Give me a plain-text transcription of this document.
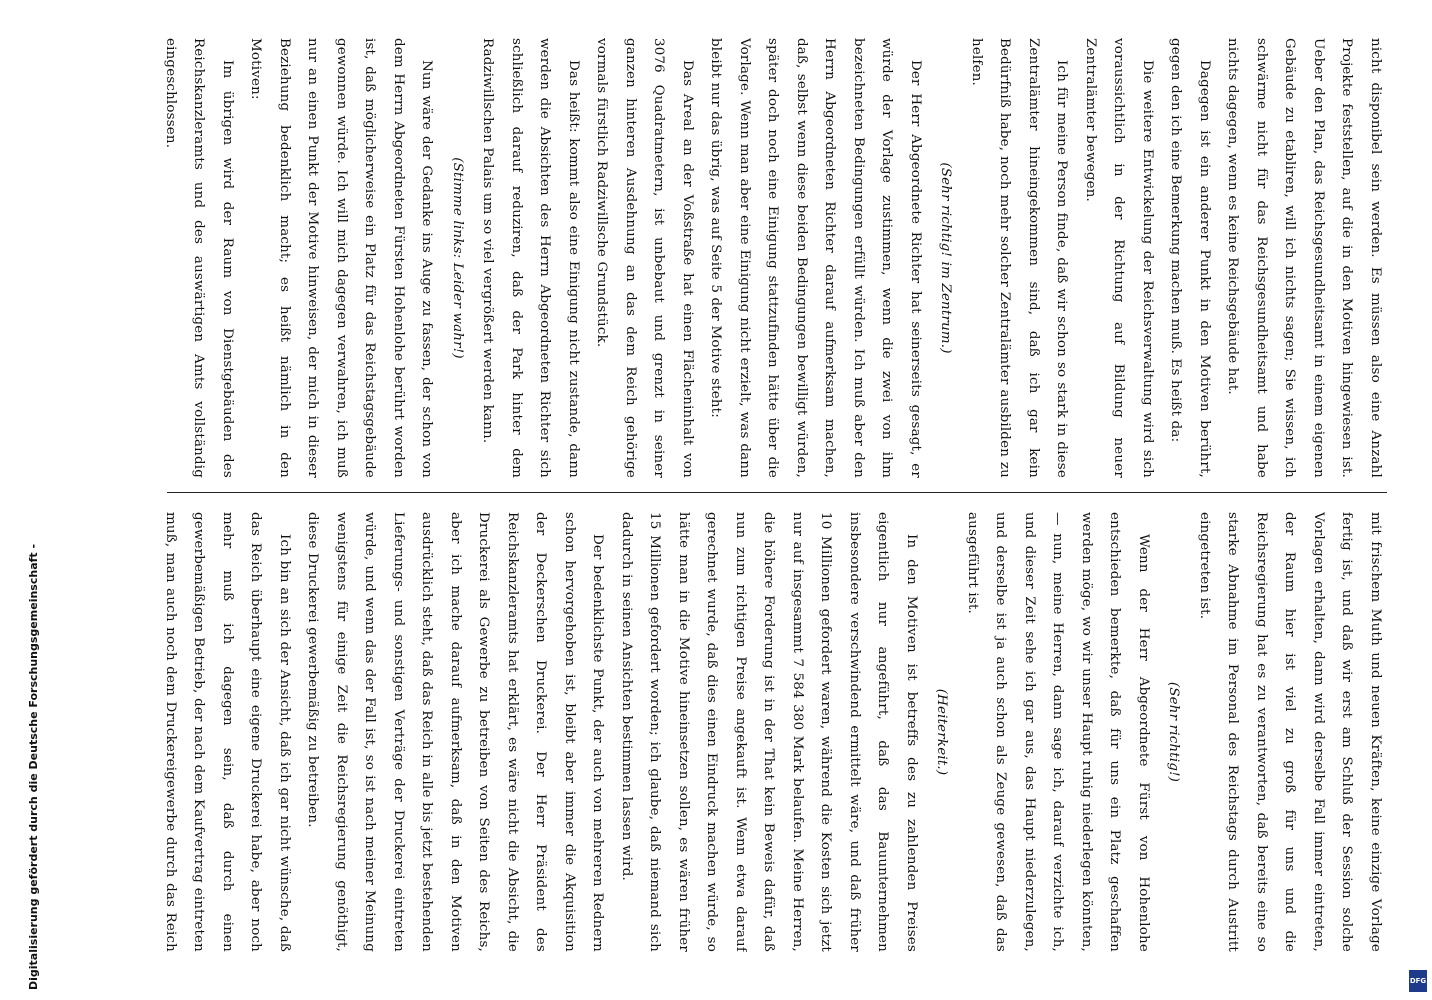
nicht disponibel sein werden. Es müssen also eine Anzahl Projekte feststellen, auf die in den Motiven hingewiesen ist. Ueber den Plan, das Reichsgesundheitsamt in einem eigenen Gebäude zu etabliren, will ich nichts sagen; Sie wissen, ich schwärme nicht für das Reichsgesundheitsamt und habe nichts dagegen, wenn es keine Reichsgebäude hat.

Dagegen ist ein anderer Punkt in den Motiven berührt, gegen den ich eine Bemerkung machen muß. Es heißt da:

Die weitere Entwickelung der Reichsverwaltung wird sich voraussichtlich in der Richtung auf Bildung neuer Zentralämter bewegen.

Ich für meine Person finde, daß wir schon so stark in diese Zentralämter hineingekommen sind, daß ich gar kein Bedürfniß habe, noch mehr solcher Zentralämter ausbilden zu helfen.

(Sehr richtig! im Zentrum.)

Der Herr Abgeordnete Richter hat seinerseits gesagt, er würde der Vorlage zustimmen, wenn die zwei von ihm bezeichneten Bedingungen erfüllt würden. Ich muß aber den Herrn Abgeordneten Richter darauf aufmerksam machen, daß, selbst wenn diese beiden Bedingungen bewilligt würden, später doch noch eine Einigung stattzufinden hätte über die Vorlage. Wenn man aber eine Einigung nicht erzielt, was dann bleibt nur das übrig, was auf Seite 5 der Motive steht:

Das Areal an der Voßstraße hat einen Flächeninhalt von 3076 Quadratmetern, ist unbebaut und grenzt in seiner ganzen hinteren Ausdehnung an das dem Reich gehörige vormals fürstlich Radziwillsche Grundstück.

Das heißt: kommt also eine Einigung nicht zustande, dann werden die Absichten des Herrn Abgeordneten Richter sich schließlich darauf reduziren, daß der Park hinter dem Radziwillschen Palais um so viel vergrößert werden kann.

(Stimme links: Leider wahr!)

Nun wäre der Gedanke ins Auge zu fassen, der schon von dem Herrn Abgeordneten Fürsten Hohenlohe berührt worden ist, daß möglicherweise ein Platz für das Reichstagsgebäude gewonnen würde. Ich will mich dagegen verwahren, ich muß nur an einen Punkt der Motive hinweisen, der mich in dieser Beziehung bedenklich macht; es heißt nämlich in den Motiven:

Im übrigen wird der Raum von Dienstgebäuden des Reichskanzleramts und des auswärtigen Amts vollständig eingeschlossen.

mit frischem Muth und neuen Kräften, keine einzige Vorlage fertig ist, und daß wir erst am Schluß der Session solche Vorlagen erhalten, dann wird derselbe Fall immer eintreten, der Raum hier ist viel zu groß für uns und die Reichsregierung hat es zu verantworten, daß bereits eine so starke Abnahme im Personal des Reichstags durch Austritt eingetreten ist.

(Sehr richtig!)

Wenn der Herr Abgeordnete Fürst von Hohenlohe entschieden bemerkte, daß für uns ein Platz geschaffen werden möge, wo wir unser Haupt ruhig niederlegen könnten, — nun, meine Herren, dann sage ich, darauf verzichte ich, und dieser Zeit sehe ich gar aus, das Haupt niederzulegen, und derselbe ist ja auch schon als Zeuge gewesen, daß das ausgeführt ist.

(Heiterkeit.)

In den Motiven ist betreffs des zu zahlenden Preises eigentlich nur angeführt, daß das Bauunternehmen insbesondere verschwindend ermittelt wäre, und daß früher 10 Millionen gefordert waren, während die Kosten sich jetzt nur auf insgesammt 7 584 380 Mark belaufen. Meine Herren, die höhere Forderung ist in der That kein Beweis dafür, daß nun zum richtigen Preise angekauft ist. Wenn etwa darauf gerechnet wurde, daß dies einen Eindruck machen würde, so hätte man in die Motive hineinsetzen sollen, es wären früher 15 Millionen gefordert worden; ich glaube, daß niemand sich dadurch in seinen Ansichten bestimmen lassen wird.

Der bedenklichste Punkt, der auch von mehreren Rednern schon hervorgehoben ist, bleibt aber immer die Akquisition der Deckerschen Druckerei. Der Herr Präsident des Reichskanzleramts hat erklärt, es wäre nicht die Absicht, die Druckerei als Gewerbe zu betreiben von Seiten des Reichs, aber ich mache darauf aufmerksam, daß in den Motiven ausdrücklich steht, daß das Reich in alle bis jetzt bestehenden Lieferungs- und sonstigen Verträge der Druckerei eintreten würde, und wenn das der Fall ist, so ist nach meiner Meinung wenigstens für einige Zeit die Reichsregierung genöthigt, diese Druckerei gewerbemäßig zu betreiben.

Ich bin an sich der Ansicht, daß ich gar nicht wünsche, daß das Reich überhaupt eine eigene Druckerei habe, aber noch mehr muß ich dagegen sein, daß durch einen gewerbemäßigen Betrieb, der nach dem Kaufvertrag eintreten muß, man auch noch dem Druckereigewerbe durch das Reich

Digitalisierung gefördert durch die Deutsche Forschungsgemeinschaft -	DFG
